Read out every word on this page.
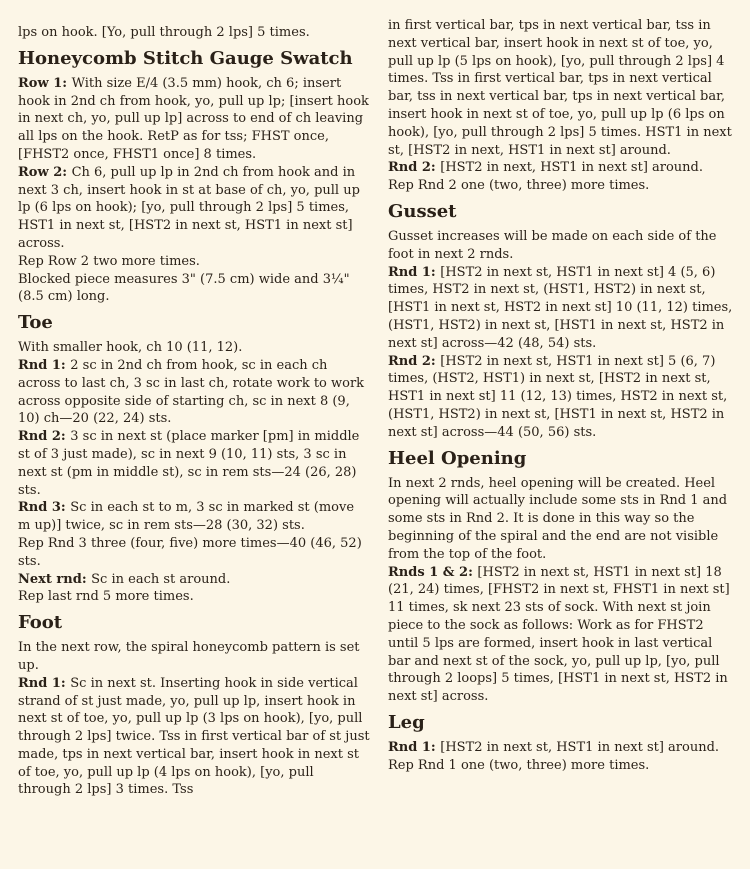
lps on hook. [Yo, pull through 2 lps] 5 times.

Honeycomb Stitch Gauge Swatch

Row 1: With size E/4 (3.5 mm) hook, ch 6; insert hook in 2nd ch from hook, yo, pull up lp; [insert hook in next ch, yo, pull up lp] across to end of ch leaving all lps on the hook. RetP as for tss; FHST once, [FHST2 once, FHST1 once] 8 times.

Row 2: Ch 6, pull up lp in 2nd ch from hook and in next 3 ch, insert hook in st at base of ch, yo, pull up lp (6 lps on hook); [yo, pull through 2 lps] 5 times, HST1 in next st, [HST2 in next st, HST1 in next st] across.

Rep Row 2 two more times.

Blocked piece measures 3" (7.5 cm) wide and 3¼" (8.5 cm) long.

Toe

With smaller hook, ch 10 (11, 12).

Rnd 1: 2 sc in 2nd ch from hook, sc in each ch across to last ch, 3 sc in last ch, rotate work to work across opposite side of starting ch, sc in next 8 (9, 10) ch—20 (22, 24) sts.

Rnd 2: 3 sc in next st (place marker [pm] in middle st of 3 just made), sc in next 9 (10, 11) sts, 3 sc in next st (pm in middle st), sc in rem sts—24 (26, 28) sts.

Rnd 3: Sc in each st to m, 3 sc in marked st (move m up)] twice, sc in rem sts—28 (30, 32) sts.

Rep Rnd 3 three (four, five) more times—40 (46, 52) sts.

Next rnd: Sc in each st around.

Rep last rnd 5 more times.

Foot

In the next row, the spiral honeycomb pattern is set up.

Rnd 1: Sc in next st. Inserting hook in side vertical strand of st just made, yo, pull up lp, insert hook in next st of toe, yo, pull up lp (3 lps on hook), [yo, pull through 2 lps] twice. Tss in first vertical bar of st just made, tps in next vertical bar, insert hook in next st of toe, yo, pull up lp (4 lps on hook), [yo, pull through 2 lps] 3 times. Tss

in first vertical bar, tps in next vertical bar, tss in next vertical bar, insert hook in next st of toe, yo, pull up lp (5 lps on hook), [yo, pull through 2 lps] 4 times. Tss in first vertical bar, tps in next vertical bar, tss in next vertical bar, tps in next vertical bar, insert hook in next st of toe, yo, pull up lp (6 lps on hook), [yo, pull through 2 lps] 5 times. HST1 in next st, [HST2 in next, HST1 in next st] around.

Rnd 2: [HST2 in next, HST1 in next st] around.

Rep Rnd 2 one (two, three) more times.

Gusset

Gusset increases will be made on each side of the foot in next 2 rnds.

Rnd 1: [HST2 in next st, HST1 in next st] 4 (5, 6) times, HST2 in next st, (HST1, HST2) in next st, [HST1 in next st, HST2 in next st] 10 (11, 12) times, (HST1, HST2) in next st, [HST1 in next st, HST2 in next st] across—42 (48, 54) sts.

Rnd 2: [HST2 in next st, HST1 in next st] 5 (6, 7) times, (HST2, HST1) in next st, [HST2 in next st, HST1 in next st] 11 (12, 13) times, HST2 in next st, (HST1, HST2) in next st, [HST1 in next st, HST2 in next st] across—44 (50, 56) sts.

Heel Opening

In next 2 rnds, heel opening will be created. Heel opening will actually include some sts in Rnd 1 and some sts in Rnd 2. It is done in this way so the beginning of the spiral and the end are not visible from the top of the foot.

Rnds 1 & 2: [HST2 in next st, HST1 in next st] 18 (21, 24) times, [FHST2 in next st, FHST1 in next st] 11 times, sk next 23 sts of sock. With next st join piece to the sock as follows: Work as for FHST2 until 5 lps are formed, insert hook in last vertical bar and next st of the sock, yo, pull up lp, [yo, pull through 2 loops] 5 times, [HST1 in next st, HST2 in next st] across.

Leg

Rnd 1: [HST2 in next st, HST1 in next st] around.

Rep Rnd 1 one (two, three) more times.
